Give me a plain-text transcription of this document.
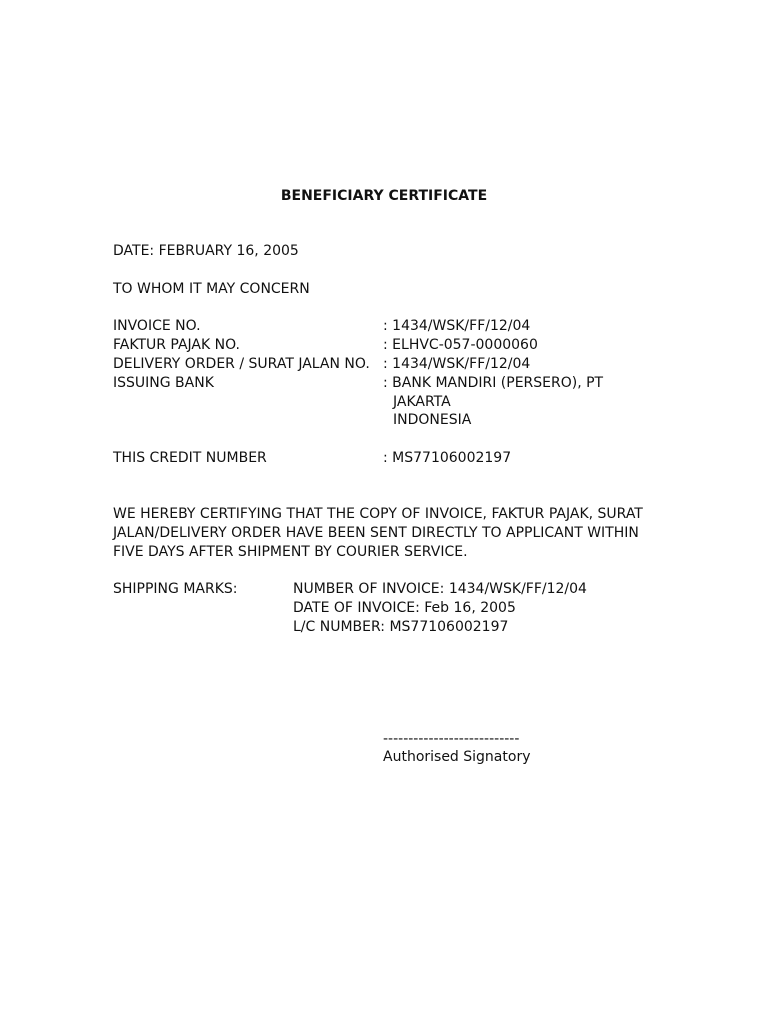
BENEFICIARY CERTIFICATE
DATE: FEBRUARY 16, 2005
TO WHOM IT MAY CONCERN
INVOICE NO.	: 1434/WSK/FF/12/04
FAKTUR PAJAK NO.	: ELHVC-057-0000060
DELIVERY ORDER / SURAT JALAN NO. : 1434/WSK/FF/12/04
ISSUING BANK	: BANK MANDIRI (PERSERO), PT
JAKARTA
INDONESIA
THIS CREDIT NUMBER	: MS77106002197
WE HEREBY CERTIFYING THAT THE COPY OF INVOICE, FAKTUR PAJAK, SURAT
JALAN/DELIVERY ORDER HAVE BEEN SENT DIRECTLY TO APPLICANT WITHIN
FIVE DAYS AFTER SHIPMENT BY COURIER SERVICE.
SHIPPING MARKS:	NUMBER OF INVOICE: 1434/WSK/FF/12/04
DATE OF INVOICE: Feb 16, 2005
L/C NUMBER: MS77106002197
---------------------------
Authorised Signatory
